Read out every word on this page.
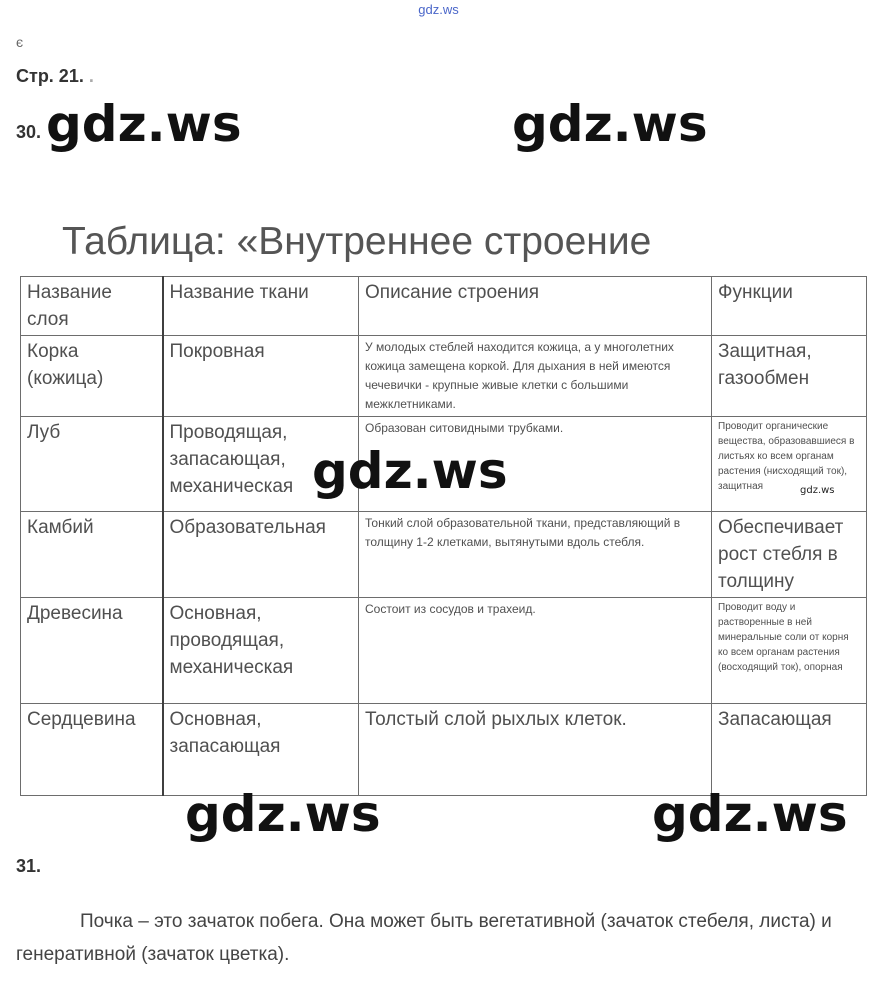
gdz.ws
є
Стр. 21. .
30. gdz.ws	gdz.ws
Таблица: «Внутреннее строение
Название слоя	Название ткани	Описание строения	Функции
Корка (кожица)	Покровная	У молодых стеблей находится кожица, а у многолетних кожица замещена коркой. Для дыхания в ней имеются чечевички - крупные живые клетки с большими межклетниками.	Защитная, газообмен
Луб	Проводящая, запасающая, механическая	Образован ситовидными трубками.	Проводит органические вещества, образовавшиеся в листьях ко всем органам растения (нисходящий ток), защитная
Камбий	Образовательная	Тонкий слой образовательной ткани, представляющий в толщину 1-2 клетками, вытянутыми вдоль стебля.	Обеспечивает рост стебля в толщину
Древесина	Основная, проводящая, механическая	Состоит из сосудов и трахеид.	Проводит воду и растворенные в ней минеральные соли от корня ко всем органам растения (восходящий ток), опорная
Сердцевина	Основная, запасающая	Толстый слой рыхлых клеток.	Запасающая
gdz.ws	gdz.ws
gdz.ws	gdz.ws
31.
Почка – это зачаток побега. Она может быть вегетативной (зачаток стебеля, листа) и генеративной (зачаток цветка).
